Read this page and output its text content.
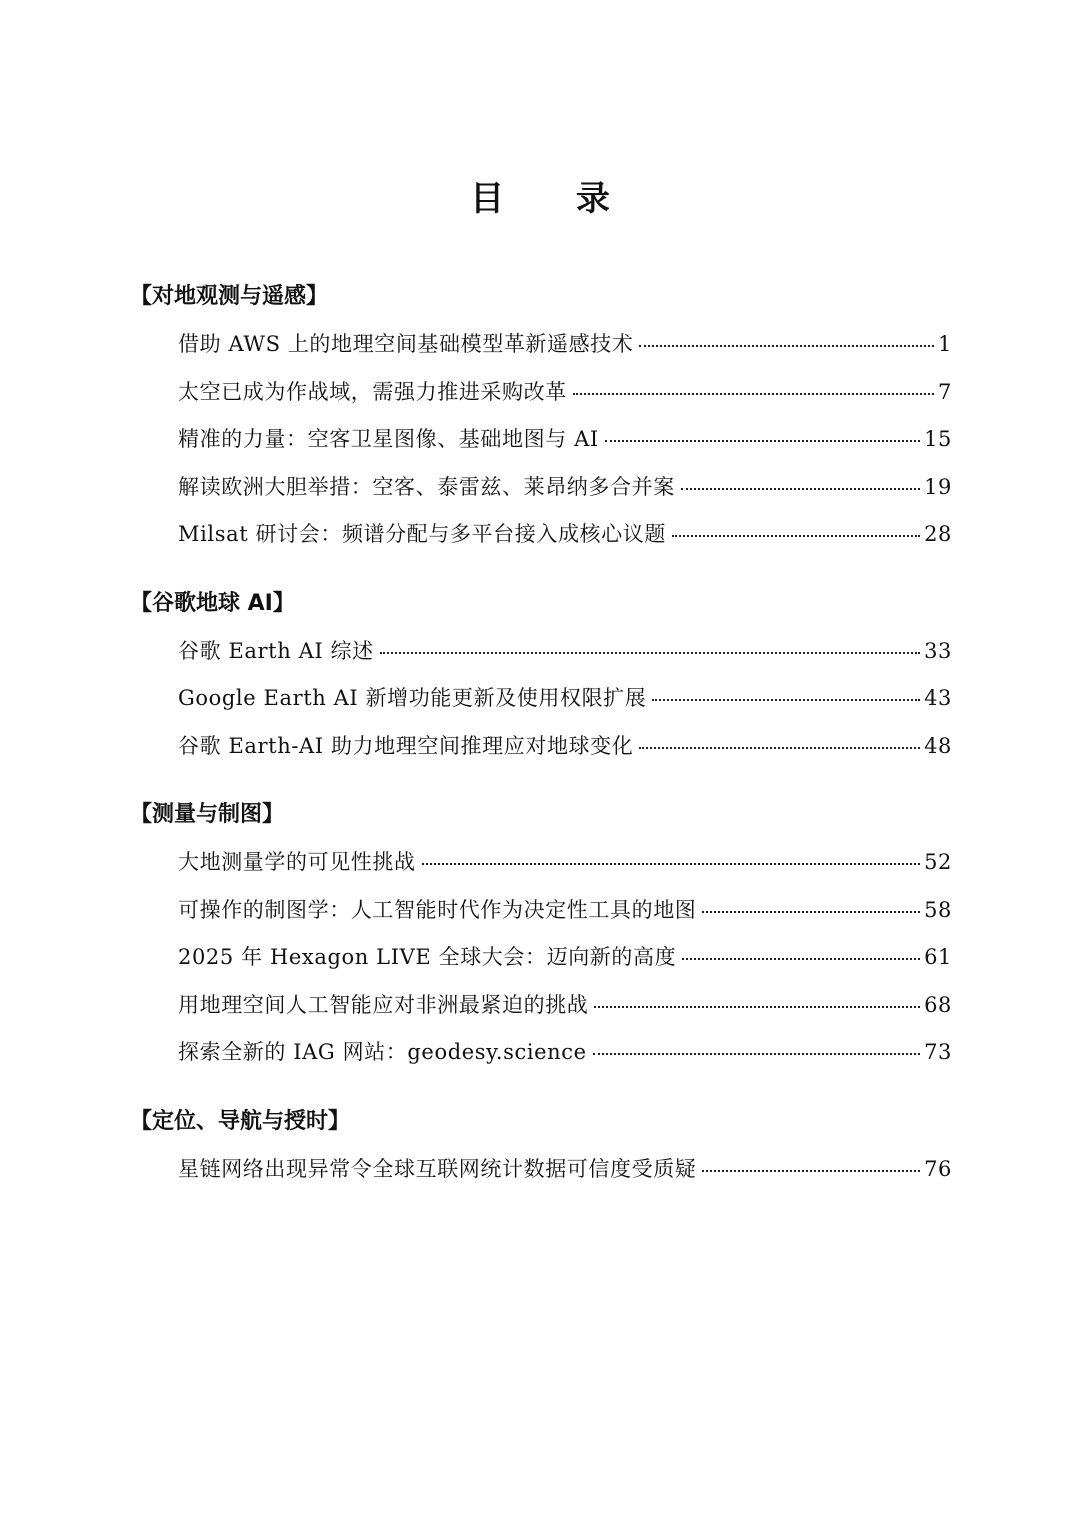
目 录
【对地观测与遥感】
借助 AWS 上的地理空间基础模型革新遥感技术	1
太空已成为作战域，需强力推进采购改革	7
精准的力量：空客卫星图像、基础地图与 AI	15
解读欧洲大胆举措：空客、泰雷兹、莱昂纳多合并案	19
Milsat 研讨会：频谱分配与多平台接入成核心议题	28
【谷歌地球 AI】
谷歌 Earth AI 综述	33
Google Earth AI 新增功能更新及使用权限扩展	43
谷歌 Earth-AI 助力地理空间推理应对地球变化	48
【测量与制图】
大地测量学的可见性挑战	52
可操作的制图学：人工智能时代作为决定性工具的地图	58
2025 年 Hexagon LIVE 全球大会：迈向新的高度	61
用地理空间人工智能应对非洲最紧迫的挑战	68
探索全新的 IAG 网站：geodesy.science	73
【定位、导航与授时】
星链网络出现异常令全球互联网统计数据可信度受质疑	76
